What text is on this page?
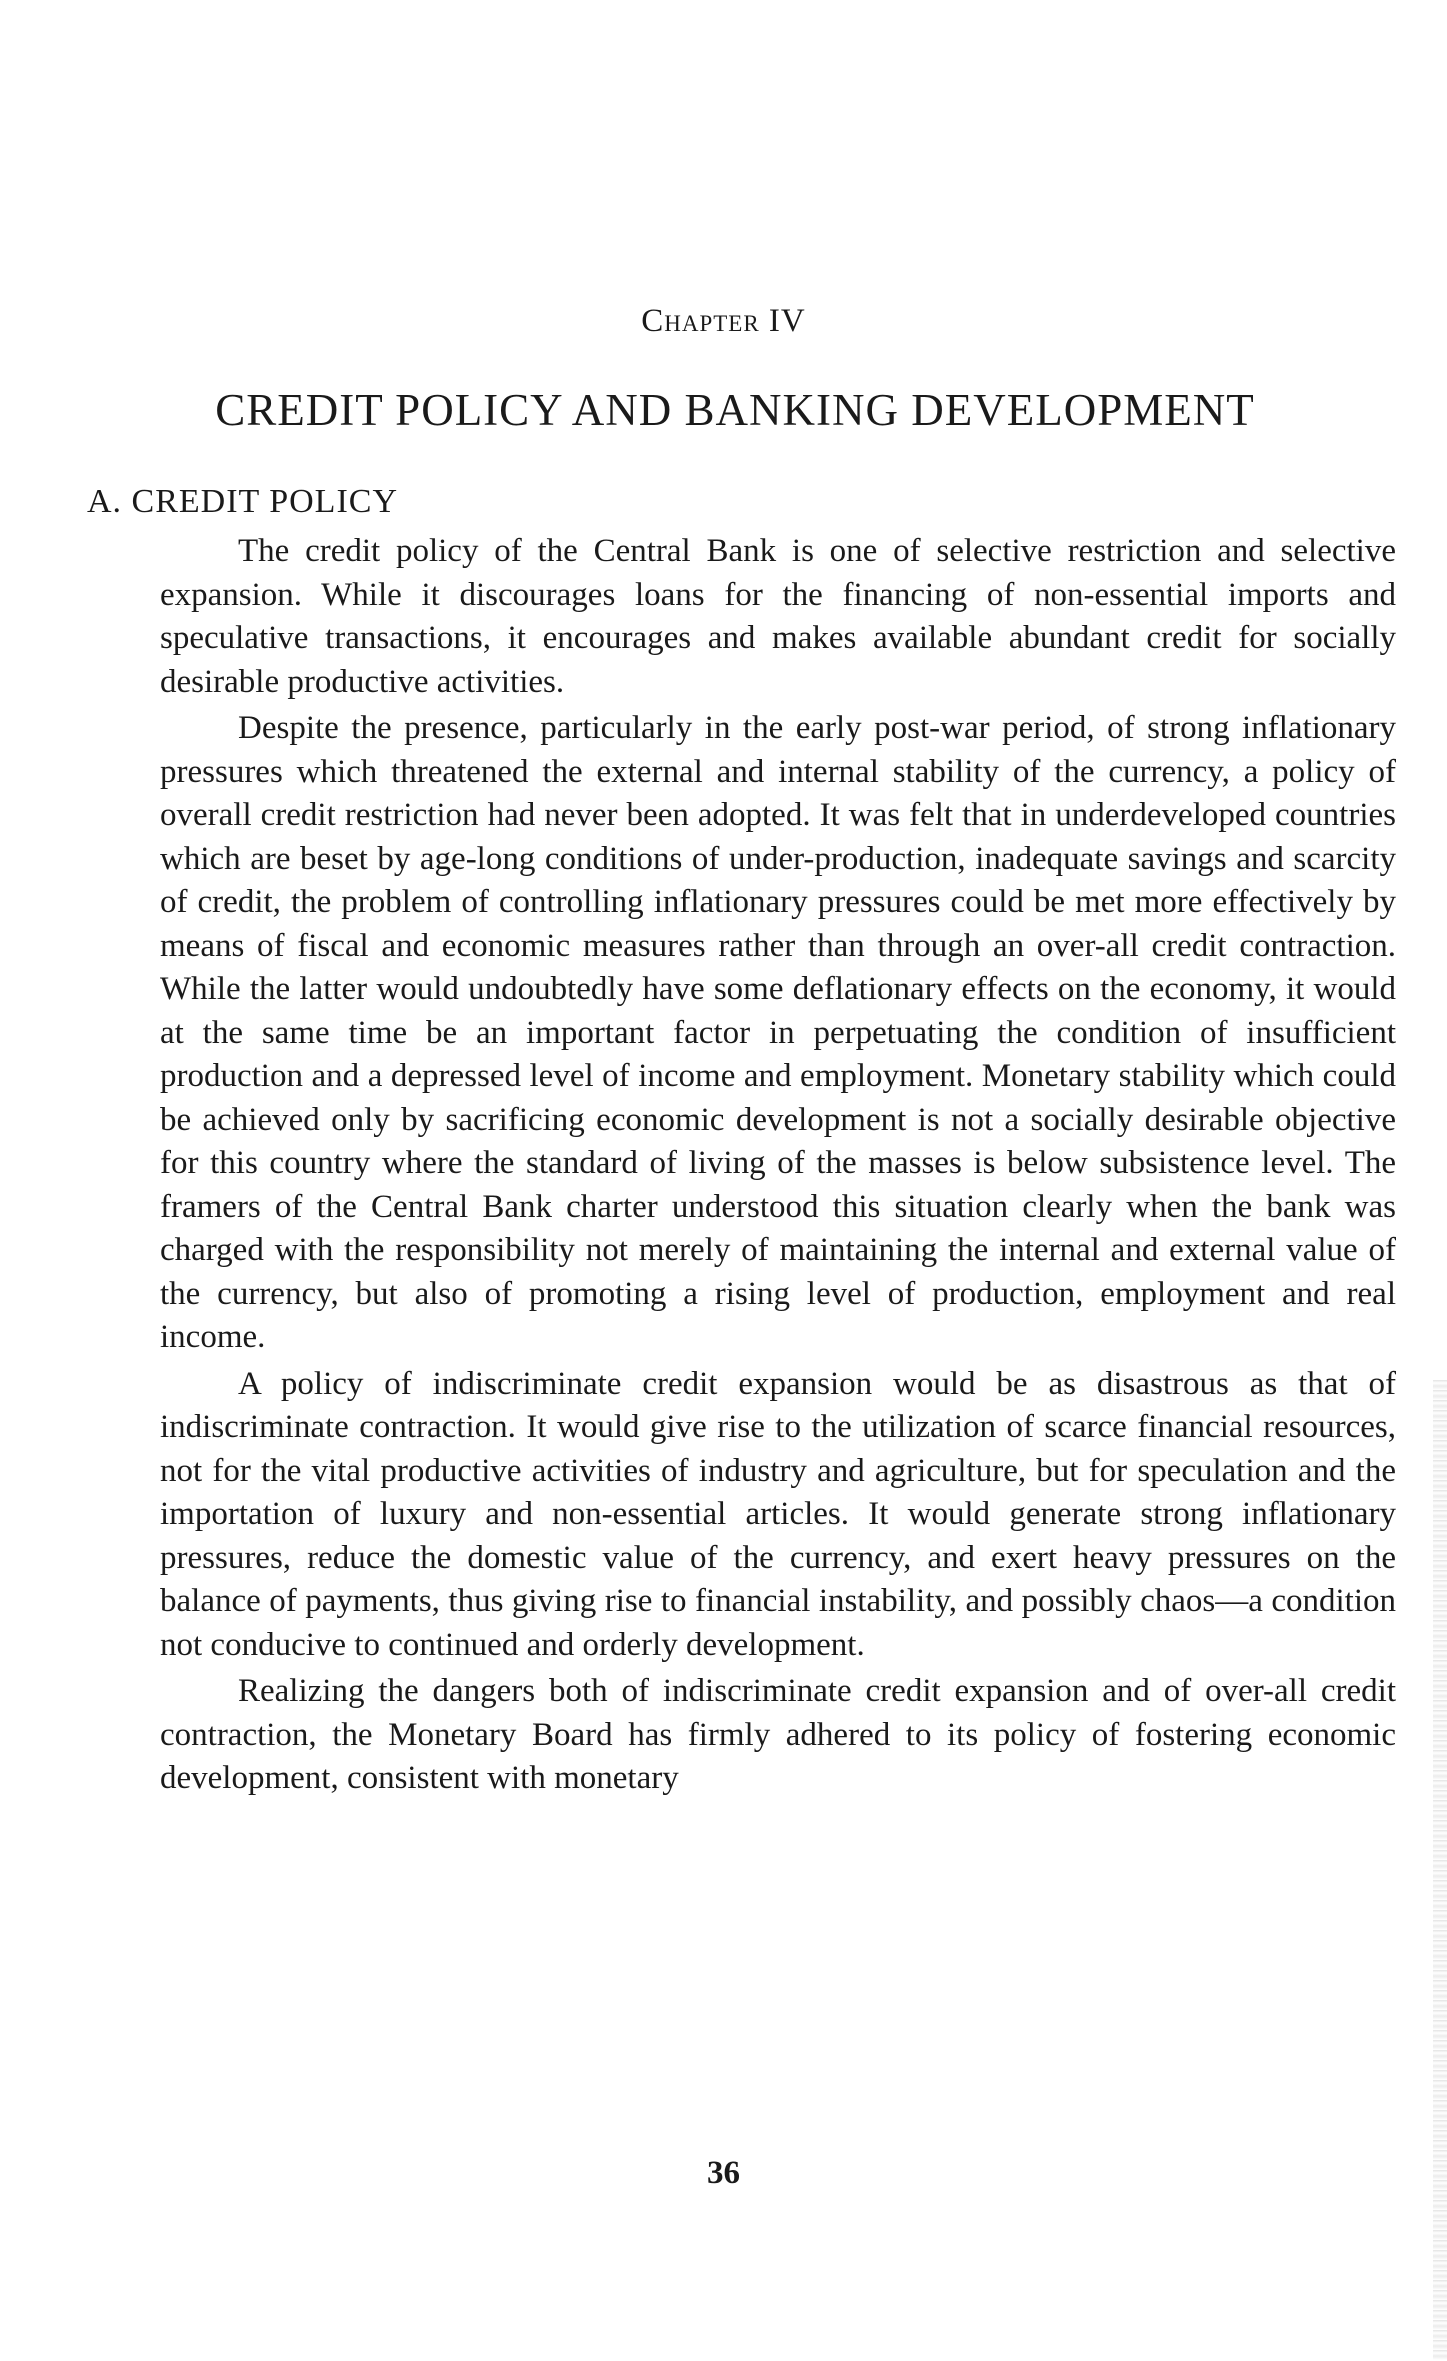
Chapter IV
CREDIT POLICY AND BANKING DEVELOPMENT
A. CREDIT POLICY

The credit policy of the Central Bank is one of selective restriction and selective expansion. While it discourages loans for the financing of non-essential imports and speculative transactions, it encourages and makes available abundant credit for socially desirable productive activities.

Despite the presence, particularly in the early post-war period, of strong inflationary pressures which threatened the external and internal stability of the currency, a policy of overall credit restriction had never been adopted. It was felt that in underdeveloped countries which are beset by age-long conditions of under-production, inadequate savings and scarcity of credit, the problem of controlling inflationary pressures could be met more effectively by means of fiscal and economic measures rather than through an over-all credit contraction. While the latter would undoubtedly have some deflationary effects on the economy, it would at the same time be an important factor in perpetuating the condition of insufficient production and a depressed level of income and employment. Monetary stability which could be achieved only by sacrificing economic development is not a socially desirable objective for this country where the standard of living of the masses is below subsistence level. The framers of the Central Bank charter understood this situation clearly when the bank was charged with the responsibility not merely of maintaining the internal and external value of the currency, but also of promoting a rising level of production, employment and real income.

A policy of indiscriminate credit expansion would be as disastrous as that of indiscriminate contraction. It would give rise to the utilization of scarce financial resources, not for the vital productive activities of industry and agriculture, but for speculation and the importation of luxury and non-essential articles. It would generate strong inflationary pressures, reduce the domestic value of the currency, and exert heavy pressures on the balance of payments, thus giving rise to financial instability, and possibly chaos—a condition not conducive to continued and orderly development.

Realizing the dangers both of indiscriminate credit expansion and of over-all credit contraction, the Monetary Board has firmly adhered to its policy of fostering economic development, consistent with monetary

36
